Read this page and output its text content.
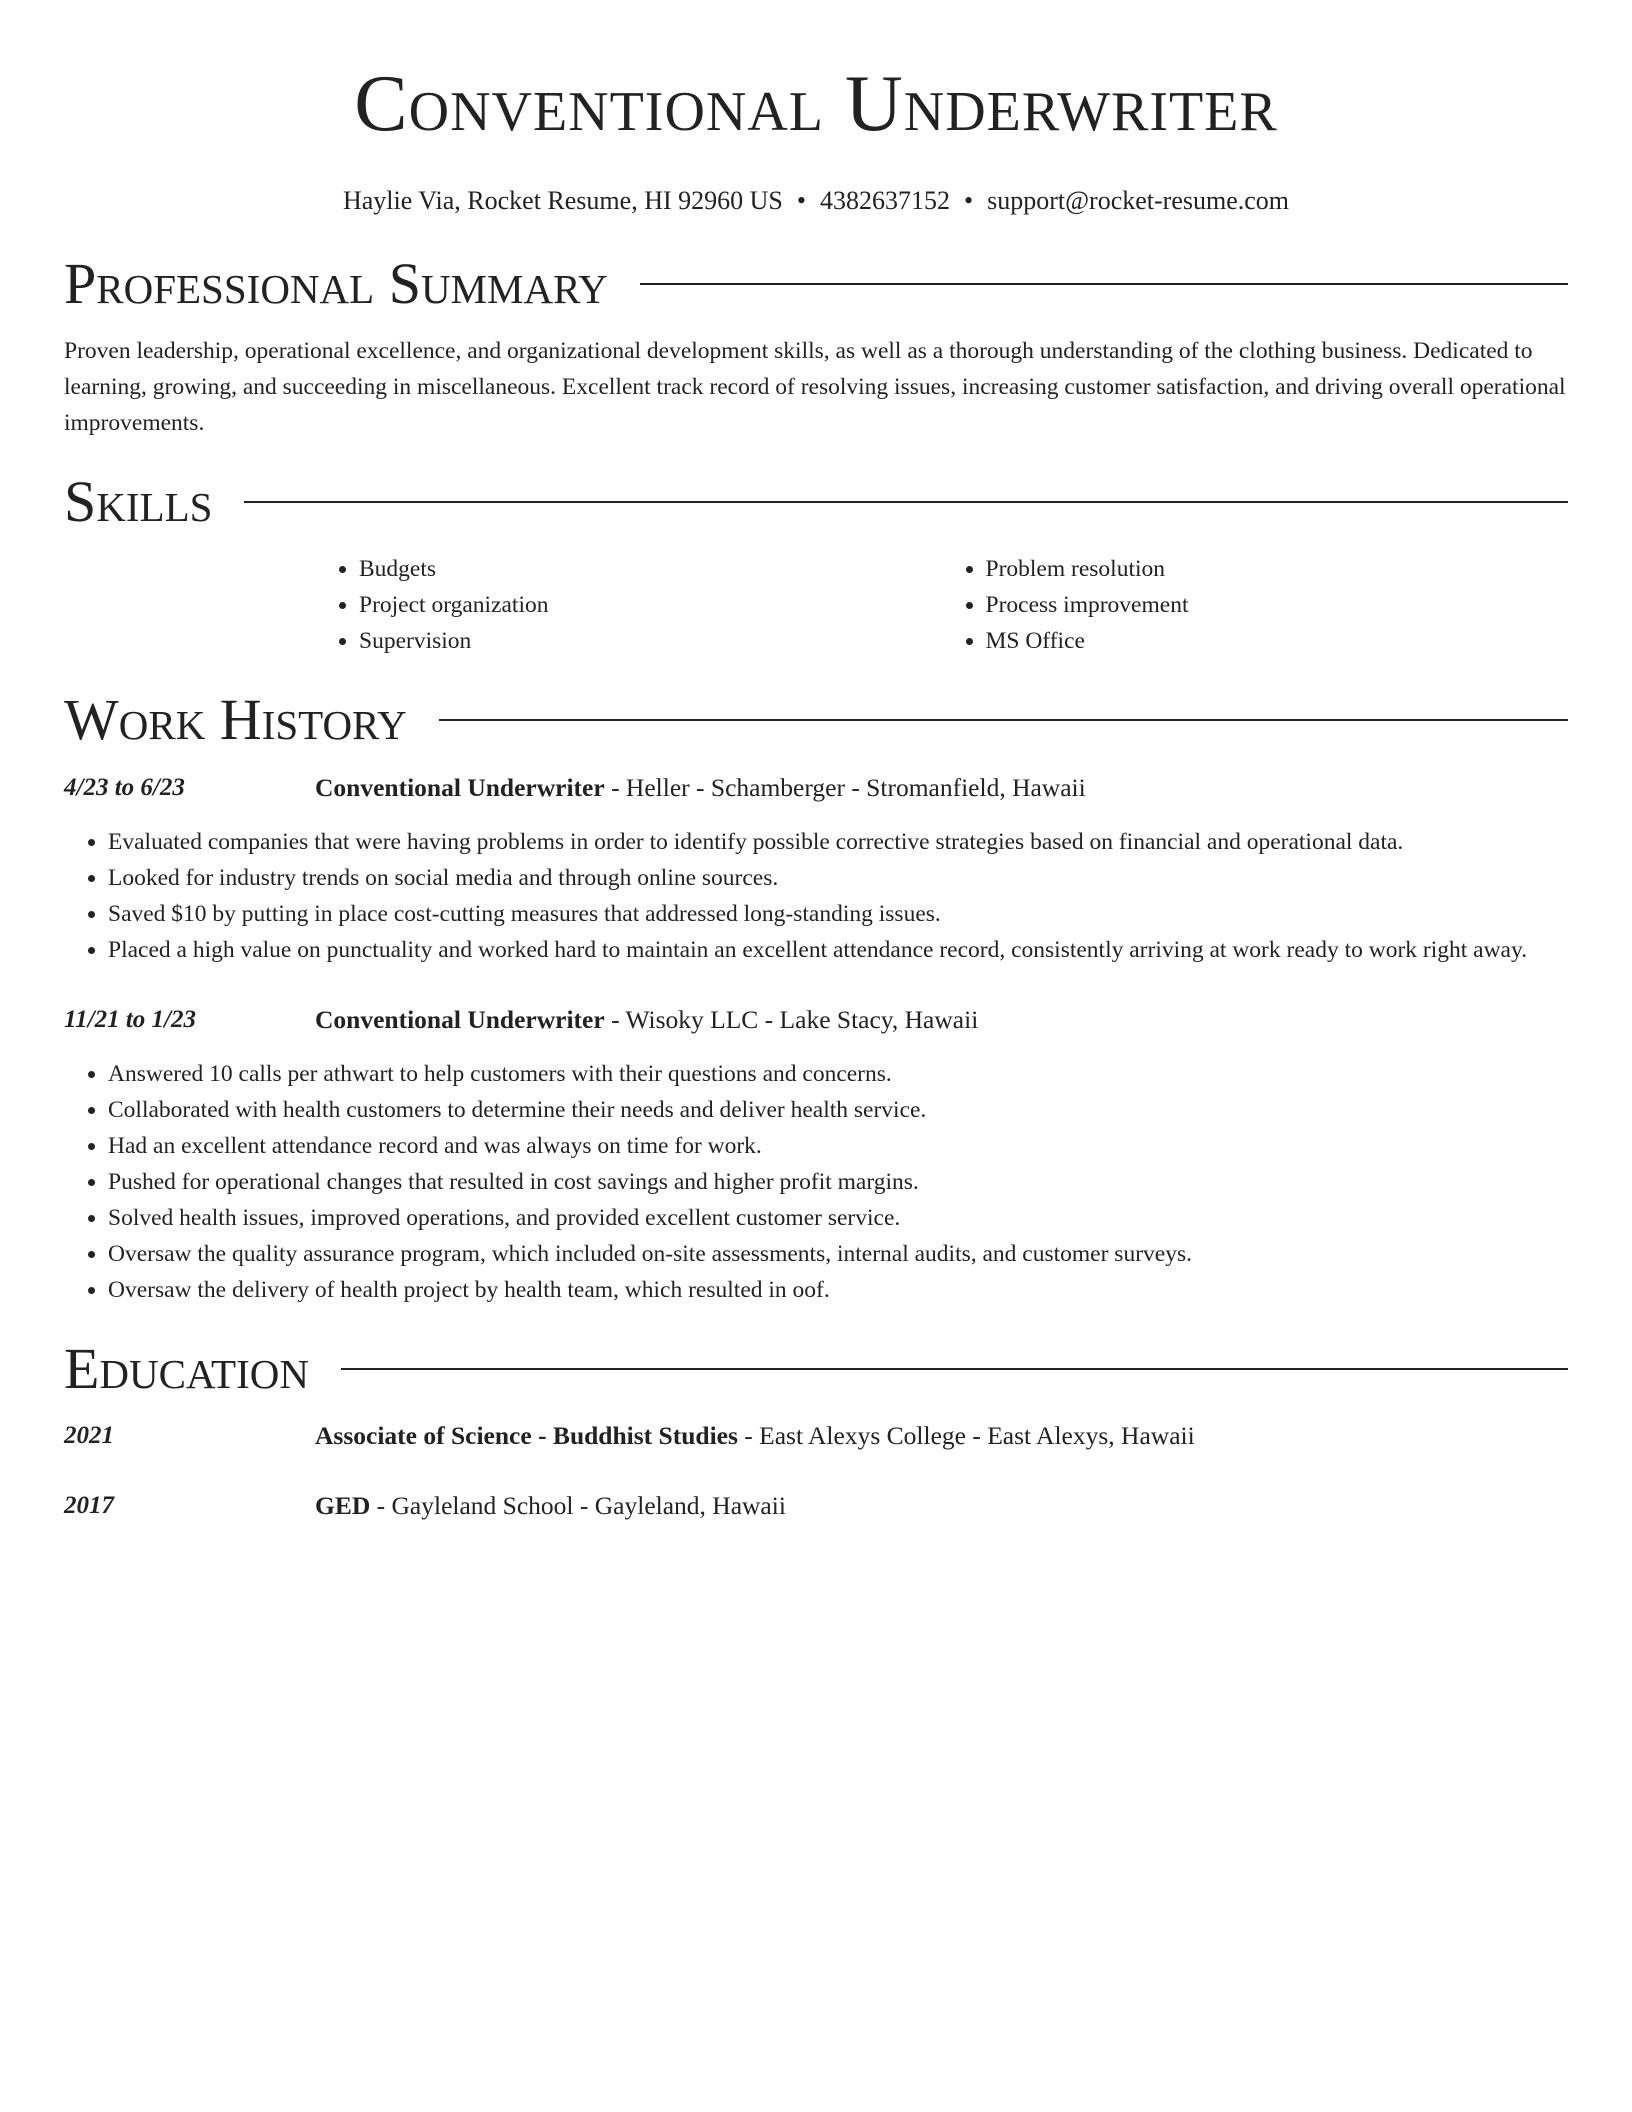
Conventional Underwriter
Haylie Via, Rocket Resume, HI 92960 US • 4382637152 • support@rocket-resume.com
Professional Summary

Proven leadership, operational excellence, and organizational development skills, as well as a thorough understanding of the clothing business. Dedicated to learning, growing, and succeeding in miscellaneous. Excellent track record of resolving issues, increasing customer satisfaction, and driving overall operational improvements.

Skills
• Budgets
• Project organization
• Supervision
• Problem resolution
• Process improvement
• MS Office
Work History
4/23 to 6/23	Conventional Underwriter - Heller - Schamberger - Stromanfield, Hawaii
• Evaluated companies that were having problems in order to identify possible corrective strategies based on financial and operational data.
• Looked for industry trends on social media and through online sources.
• Saved $10 by putting in place cost-cutting measures that addressed long-standing issues.
• Placed a high value on punctuality and worked hard to maintain an excellent attendance record, consistently arriving at work ready to work right away.
11/21 to 1/23	Conventional Underwriter - Wisoky LLC - Lake Stacy, Hawaii
• Answered 10 calls per athwart to help customers with their questions and concerns.
• Collaborated with health customers to determine their needs and deliver health service.
• Had an excellent attendance record and was always on time for work.
• Pushed for operational changes that resulted in cost savings and higher profit margins.
• Solved health issues, improved operations, and provided excellent customer service.
• Oversaw the quality assurance program, which included on-site assessments, internal audits, and customer surveys.
• Oversaw the delivery of health project by health team, which resulted in oof.
Education
2021	Associate of Science - Buddhist Studies - East Alexys College - East Alexys, Hawaii
2017	GED - Gayleland School - Gayleland, Hawaii
